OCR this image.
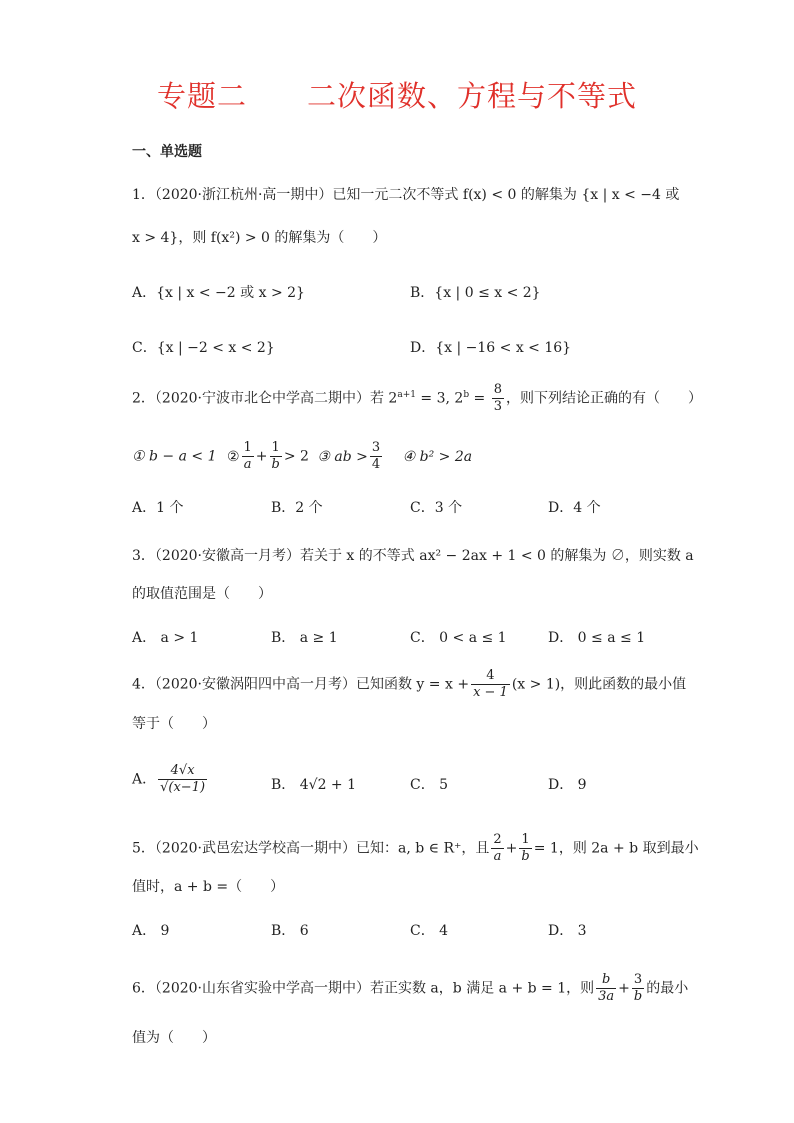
专题二　　二次函数、方程与不等式
一、单选题
1．（2020·浙江杭州·高一期中）已知一元二次不等式 f(x) < 0 的解集为 {x | x < −4 或
x > 4}，则 f(x²) > 0 的解集为（　　）
A．{x | x < −2 或 x > 2}	B．{x | 0 ≤ x < 2}
C．{x | −2 < x < 2}	D．{x | −16 < x < 16}
2．（2020·宁波市北仑中学高二期中）若 $2^{a+1} = 3$, $2^b = \frac{8}{3}$ ，则下列结论正确的有（　　）
① b − a < 1 ② $\frac{1}{a} + \frac{1}{b} > 2$ ③ ab > $\frac{3}{4}$ ④ b² > 2a
A．1 个	B．2 个	C．3 个	D．4 个
3．（2020·安徽高一月考）若关于 x 的不等式 ax² − 2ax + 1 < 0 的解集为 ∅，则实数 a
的取值范围是（　　）
A． a > 1	B． a ≥ 1	C． 0 < a ≤ 1	D． 0 ≤ a ≤ 1
4．（2020·安徽涡阳四中高一月考）已知函数 $y = x + \frac{4}{x - 1} (x > 1)$，则此函数的最小值
等于（　　）
A． $\frac{4√x}{√(x-1)}$	B． 4√2 + 1	C． 5	D． 9
5．（2020·武邑宏达学校高一期中）已知：a, b ∈ R⁺，且 $\frac{2}{a} + \frac{1}{b} = 1$，则 2a + b 取到最小
值时，a + b =（　　）
A． 9	B． 6	C． 4	D． 3
6．（2020·山东省实验中学高一期中）若正实数 a，b 满足 a + b = 1，则 $\frac{b}{3a} + \frac{3}{b}$ 的最小
值为（　　）
